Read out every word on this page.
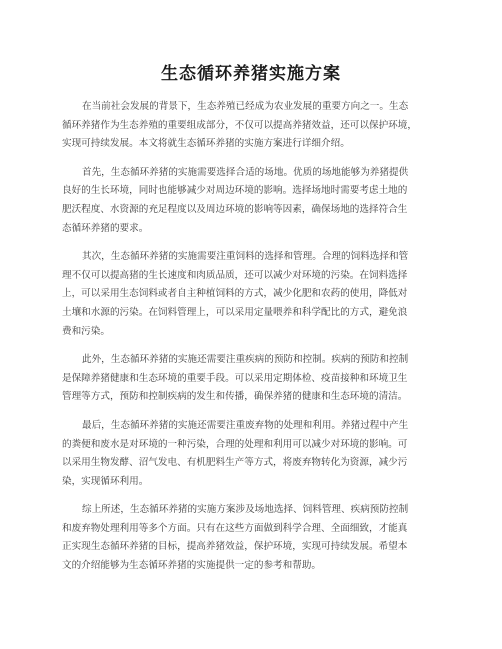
生态循环养猪实施方案

在当前社会发展的背景下，生态养殖已经成为农业发展的重要方向之一。生态
循环养猪作为生态养殖的重要组成部分，不仅可以提高养猪效益，还可以保护环境，
实现可持续发展。本文将就生态循环养猪的实施方案进行详细介绍。

首先，生态循环养猪的实施需要选择合适的场地。优质的场地能够为养猪提供
良好的生长环境，同时也能够减少对周边环境的影响。选择场地时需要考虑土地的
肥沃程度、水资源的充足程度以及周边环境的影响等因素，确保场地的选择符合生
态循环养猪的要求。

其次，生态循环养猪的实施需要注重饲料的选择和管理。合理的饲料选择和管
理不仅可以提高猪的生长速度和肉质品质，还可以减少对环境的污染。在饲料选择
上，可以采用生态饲料或者自主种植饲料的方式，减少化肥和农药的使用，降低对
土壤和水源的污染。在饲料管理上，可以采用定量喂养和科学配比的方式，避免浪
费和污染。

此外，生态循环养猪的实施还需要注重疾病的预防和控制。疾病的预防和控制
是保障养猪健康和生态环境的重要手段。可以采用定期体检、疫苗接种和环境卫生
管理等方式，预防和控制疾病的发生和传播，确保养猪的健康和生态环境的清洁。

最后，生态循环养猪的实施还需要注重废弃物的处理和利用。养猪过程中产生
的粪便和废水是对环境的一种污染，合理的处理和利用可以减少对环境的影响。可
以采用生物发酵、沼气发电、有机肥料生产等方式，将废弃物转化为资源，减少污
染，实现循环利用。

综上所述，生态循环养猪的实施方案涉及场地选择、饲料管理、疾病预防控制
和废弃物处理利用等多个方面。只有在这些方面做到科学合理、全面细致，才能真
正实现生态循环养猪的目标，提高养猪效益，保护环境，实现可持续发展。希望本
文的介绍能够为生态循环养猪的实施提供一定的参考和帮助。
